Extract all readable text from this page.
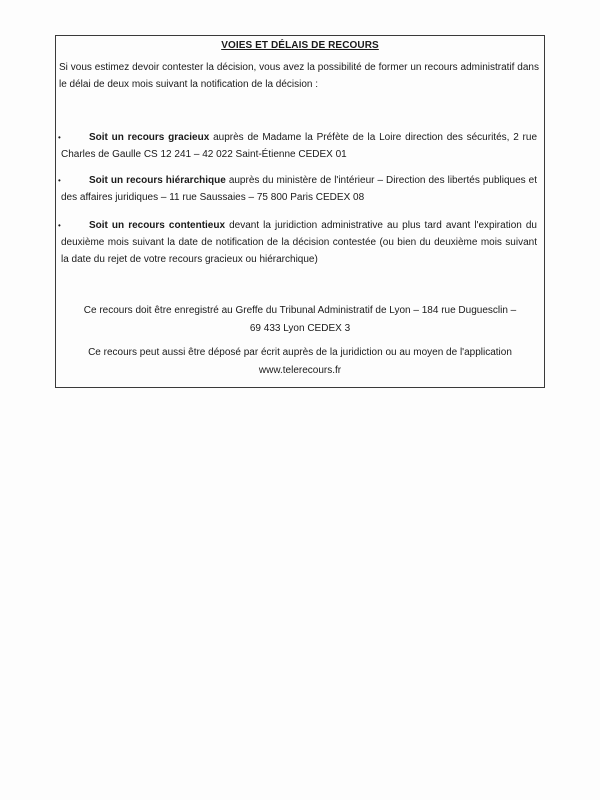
VOIES ET DÉLAIS DE RECOURS
Si vous estimez devoir contester la décision, vous avez la possibilité de former un recours administratif dans le délai de deux mois suivant la notification de la décision :
•	Soit un recours gracieux auprès de Madame la Préfète de la Loire direction des sécurités, 2 rue Charles de Gaulle CS 12 241 – 42 022 Saint-Étienne CEDEX 01
•	Soit un recours hiérarchique auprès du ministère de l'intérieur – Direction des libertés publiques et des affaires juridiques – 11 rue Saussaies – 75 800 Paris CEDEX 08
•	Soit un recours contentieux devant la juridiction administrative au plus tard avant l'expiration du deuxième mois suivant la date de notification de la décision contestée (ou bien du deuxième mois suivant la date du rejet de votre recours gracieux ou hiérarchique)
Ce recours doit être enregistré au Greffe du Tribunal Administratif de Lyon – 184 rue Duguesclin –
69 433 Lyon CEDEX 3
Ce recours peut aussi être déposé par écrit auprès de la juridiction ou au moyen de l'application
www.telerecours.fr
